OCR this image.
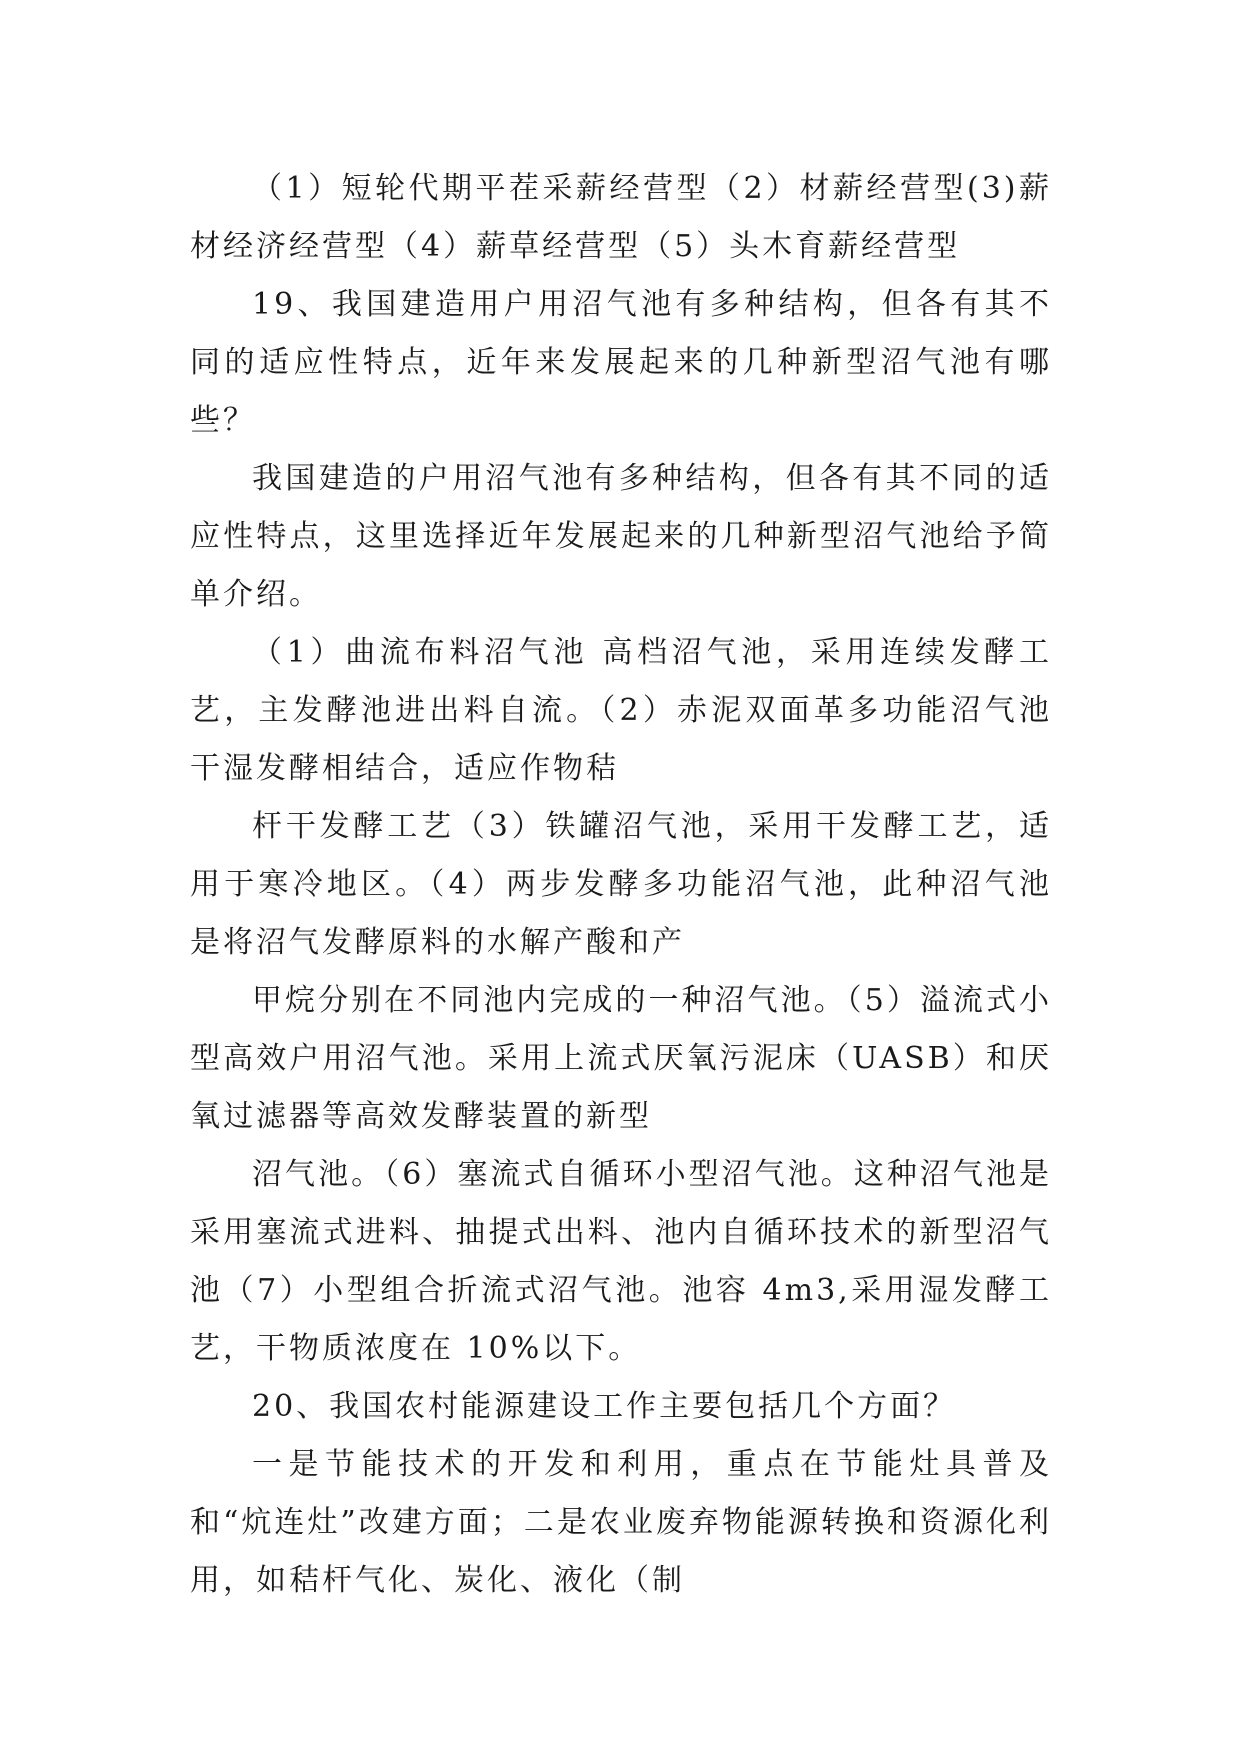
（1）短轮代期平茬采薪经营型（2）材薪经营型(3)薪材经济经营型（4）薪草经营型（5）头木育薪经营型

19、我国建造用户用沼气池有多种结构，但各有其不同的适应性特点，近年来发展起来的几种新型沼气池有哪些？

我国建造的户用沼气池有多种结构，但各有其不同的适应性特点，这里选择近年发展起来的几种新型沼气池给予简单介绍。

（1）曲流布料沼气池 高档沼气池，采用连续发酵工艺，主发酵池进出料自流。（2）赤泥双面革多功能沼气池 干湿发酵相结合，适应作物秸

杆干发酵工艺（3）铁罐沼气池，采用干发酵工艺，适用于寒冷地区。（4）两步发酵多功能沼气池，此种沼气池是将沼气发酵原料的水解产酸和产

甲烷分别在不同池内完成的一种沼气池。（5）溢流式小型高效户用沼气池。采用上流式厌氧污泥床（UASB）和厌氧过滤器等高效发酵装置的新型

沼气池。（6）塞流式自循环小型沼气池。这种沼气池是采用塞流式进料、抽提式出料、池内自循环技术的新型沼气池（7）小型组合折流式沼气池。池容 4m3,采用湿发酵工艺，干物质浓度在 10%以下。

20、我国农村能源建设工作主要包括几个方面？

一是节能技术的开发和利用，重点在节能灶具普及和“炕连灶”改建方面；二是农业废弃物能源转换和资源化利用，如秸杆气化、炭化、液化（制
